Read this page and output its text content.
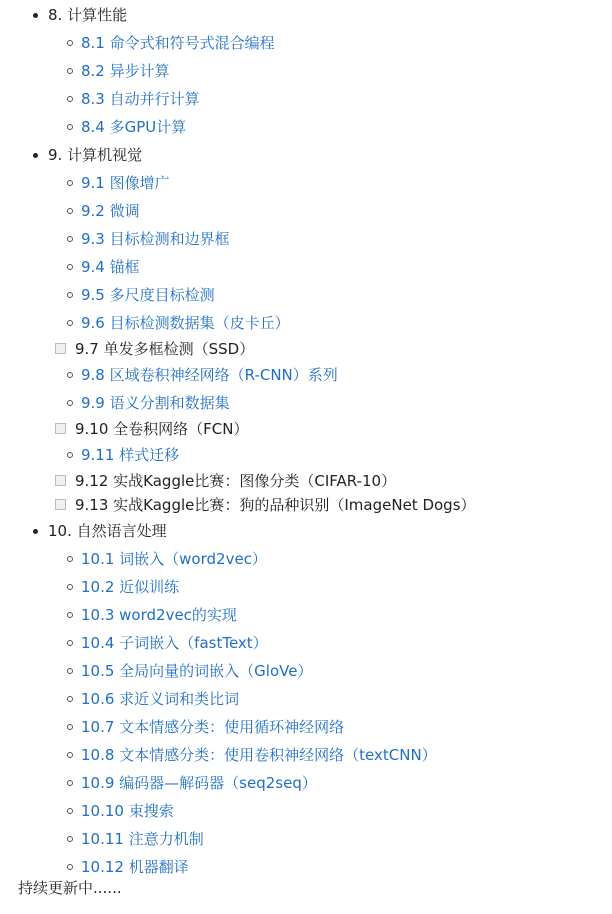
8. 计算性能
8.1 命令式和符号式混合编程
8.2 异步计算
8.3 自动并行计算
8.4 多GPU计算
9. 计算机视觉
9.1 图像增广
9.2 微调
9.3 目标检测和边界框
9.4 锚框
9.5 多尺度目标检测
9.6 目标检测数据集（皮卡丘）
9.7 单发多框检测（SSD）
9.8 区域卷积神经网络（R-CNN）系列
9.9 语义分割和数据集
9.10 全卷积网络（FCN）
9.11 样式迁移
9.12 实战Kaggle比赛：图像分类（CIFAR-10）
9.13 实战Kaggle比赛：狗的品种识别（ImageNet Dogs）
10. 自然语言处理
10.1 词嵌入（word2vec）
10.2 近似训练
10.3 word2vec的实现
10.4 子词嵌入（fastText）
10.5 全局向量的词嵌入（GloVe）
10.6 求近义词和类比词
10.7 文本情感分类：使用循环神经网络
10.8 文本情感分类：使用卷积神经网络（textCNN）
10.9 编码器—解码器（seq2seq）
10.10 束搜索
10.11 注意力机制
10.12 机器翻译
持续更新中......
